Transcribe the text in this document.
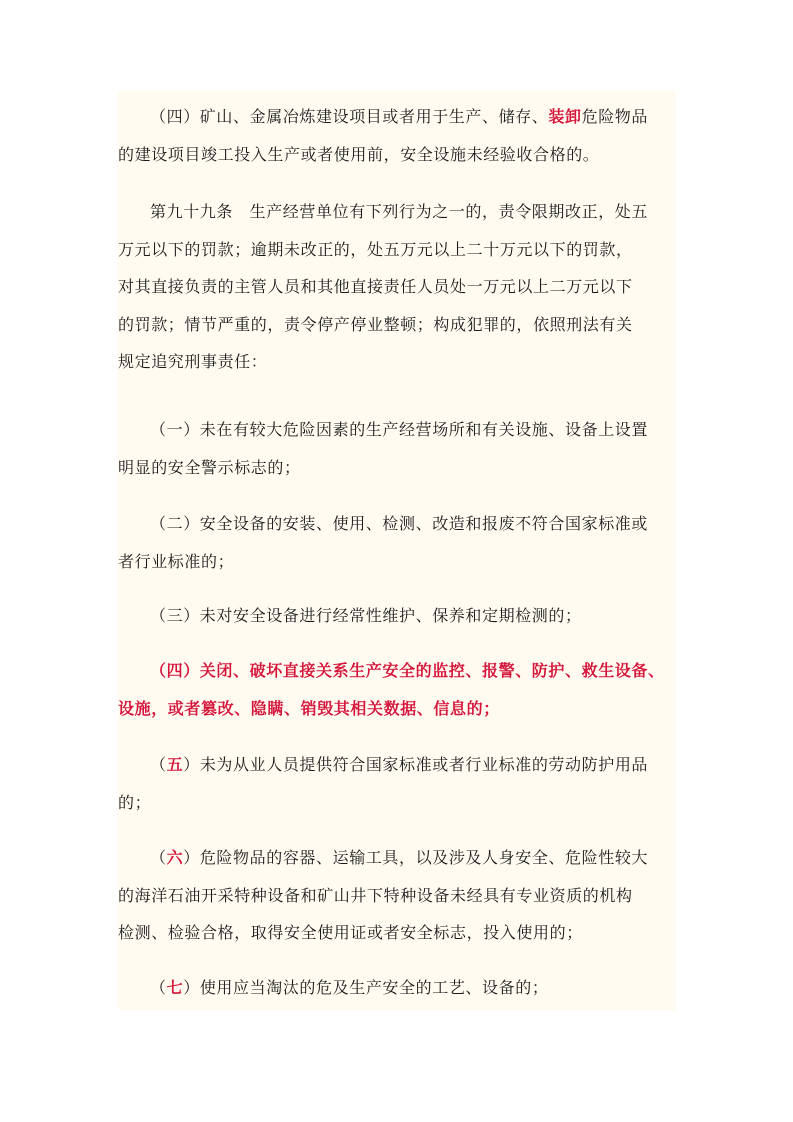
（四）矿山、金属冶炼建设项目或者用于生产、储存、装卸危险物品
的建设项目竣工投入生产或者使用前，安全设施未经验收合格的。
第九十九条　生产经营单位有下列行为之一的，责令限期改正，处五
万元以下的罚款；逾期未改正的，处五万元以上二十万元以下的罚款，
对其直接负责的主管人员和其他直接责任人员处一万元以上二万元以下
的罚款；情节严重的，责令停产停业整顿；构成犯罪的，依照刑法有关
规定追究刑事责任：
（一）未在有较大危险因素的生产经营场所和有关设施、设备上设置
明显的安全警示标志的；
（二）安全设备的安装、使用、检测、改造和报废不符合国家标准或
者行业标准的；
（三）未对安全设备进行经常性维护、保养和定期检测的；
（四）关闭、破坏直接关系生产安全的监控、报警、防护、救生设备、
设施，或者篡改、隐瞒、销毁其相关数据、信息的；
（五）未为从业人员提供符合国家标准或者行业标准的劳动防护用品
的；
（六）危险物品的容器、运输工具，以及涉及人身安全、危险性较大
的海洋石油开采特种设备和矿山井下特种设备未经具有专业资质的机构
检测、检验合格，取得安全使用证或者安全标志，投入使用的；
（七）使用应当淘汰的危及生产安全的工艺、设备的；
